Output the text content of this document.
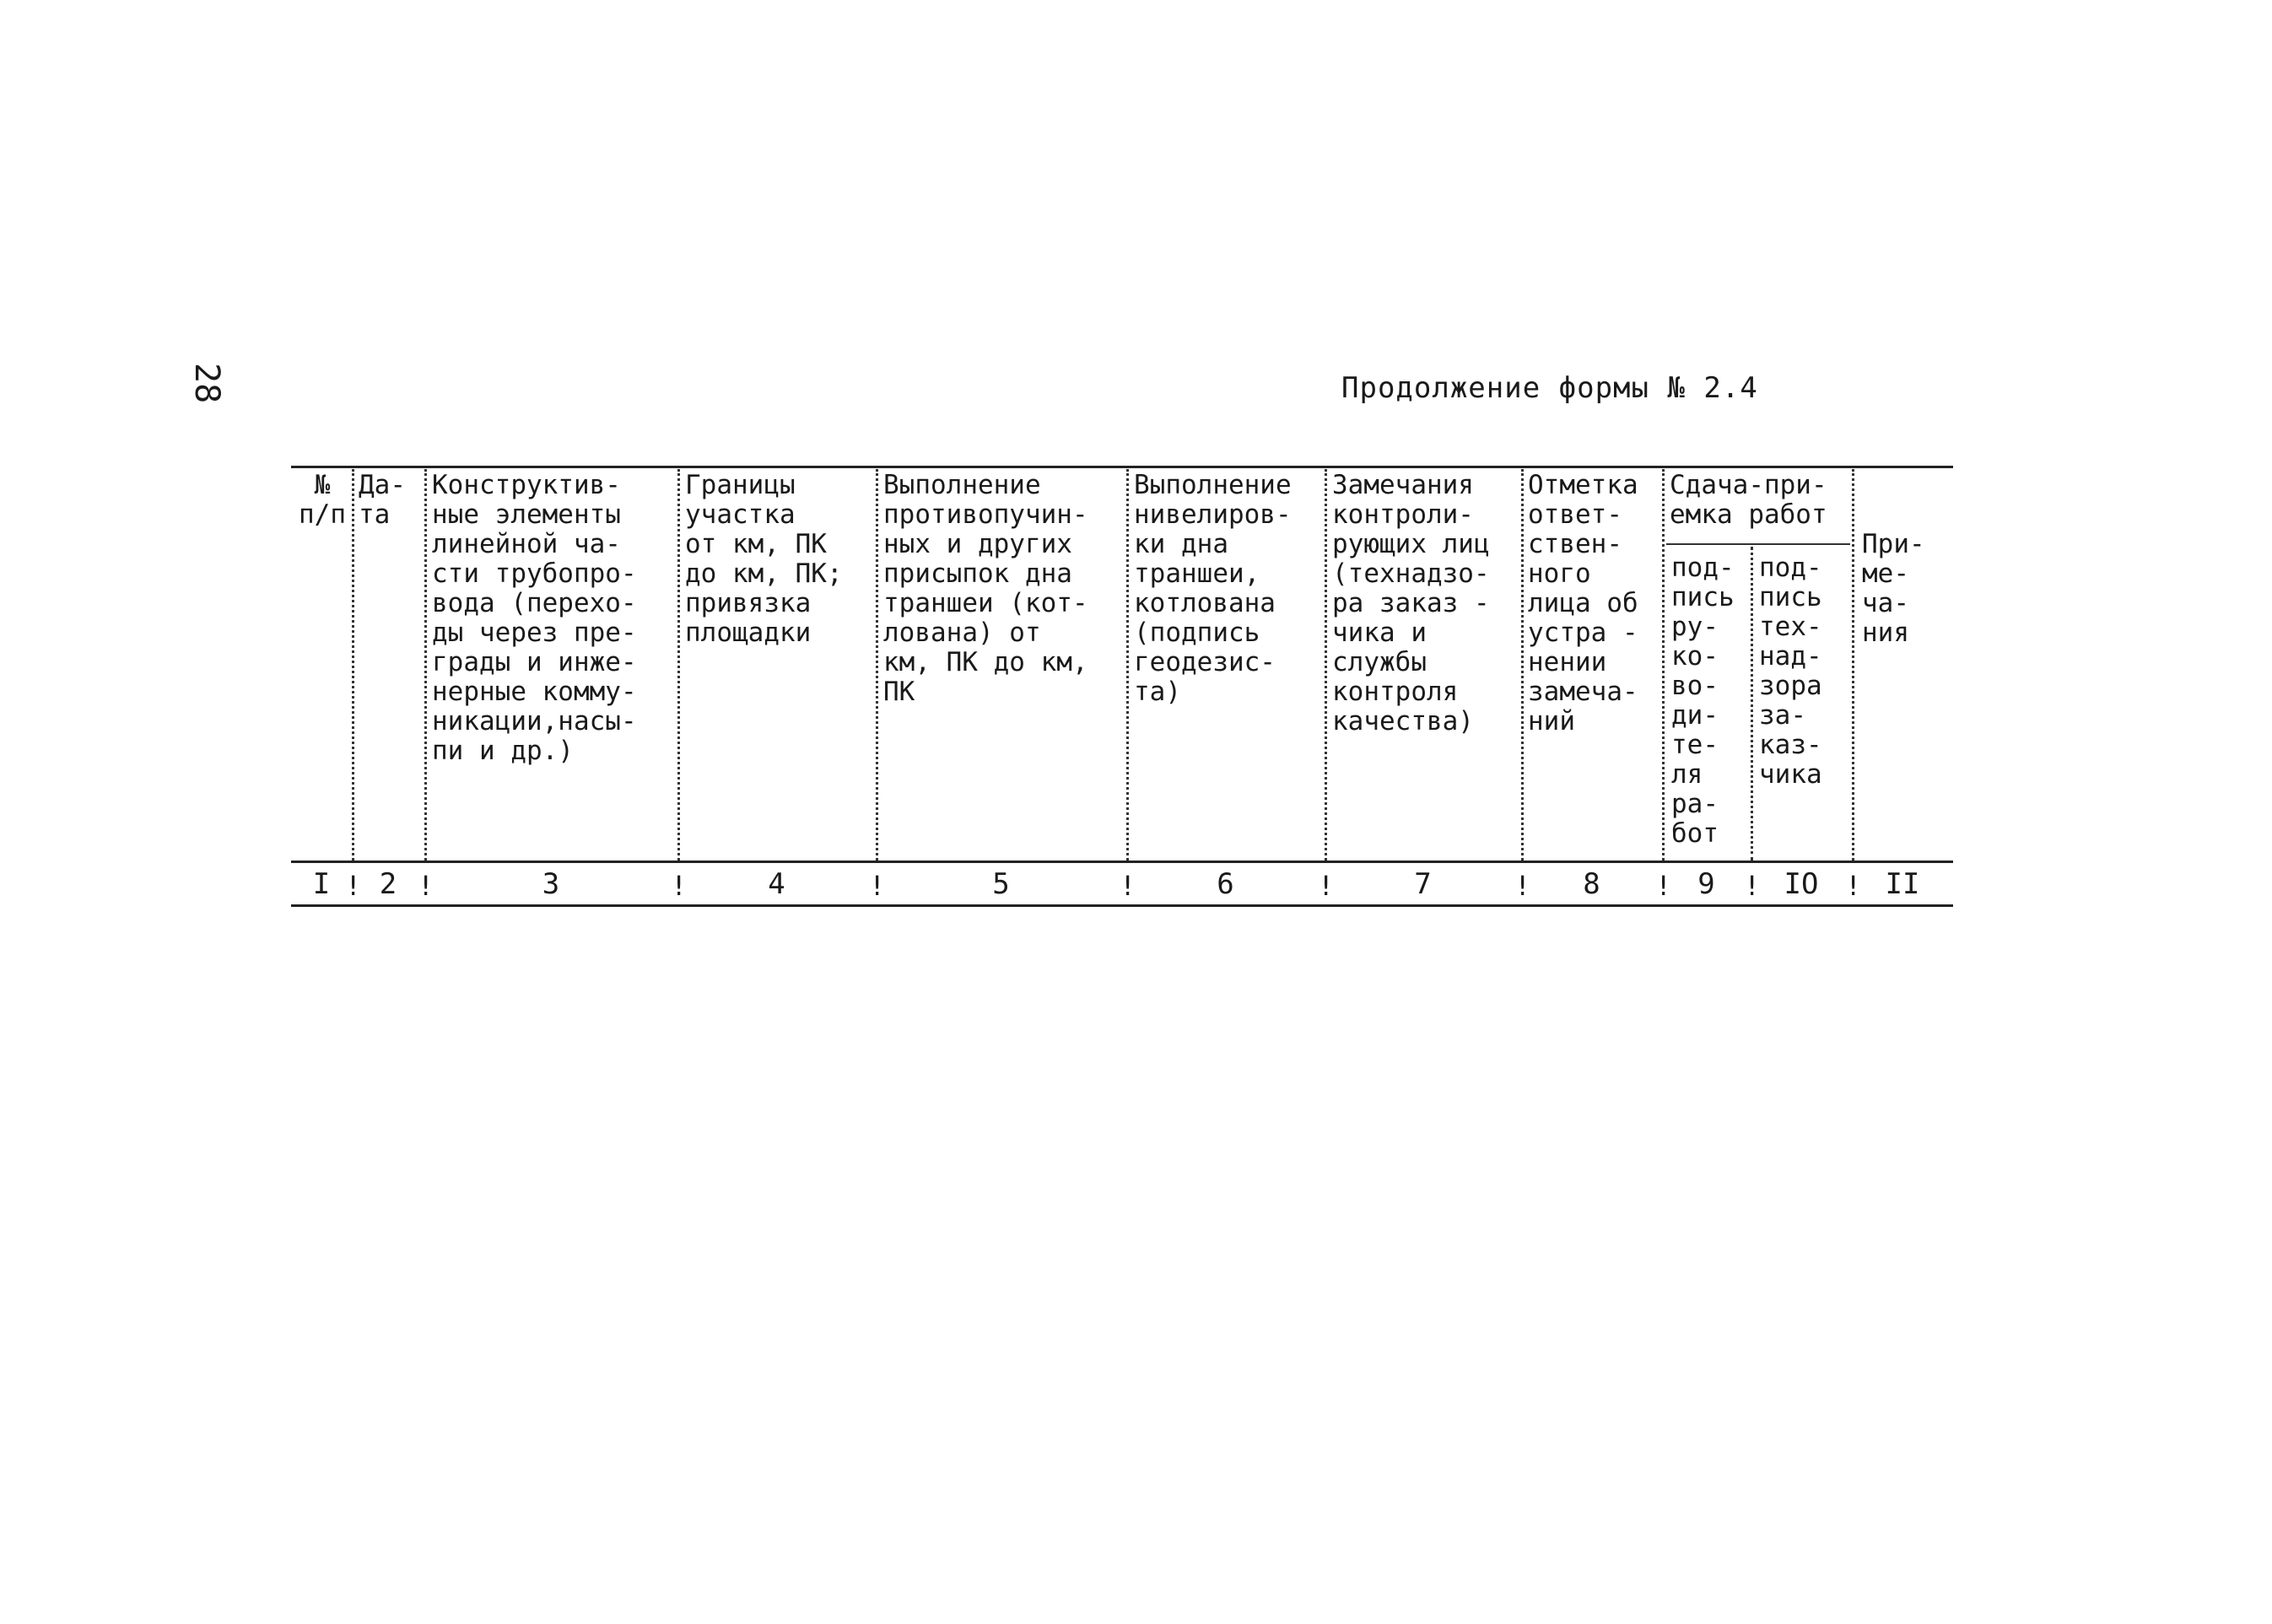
28	Продолжение формы № 2.4

№
п/п

Да-
та

Конструктив-
ные элементы
линейной ча-
сти трубопро-
вода (перехо-
ды через пре-
грады и инже-
нерные комму-
никации,насы-
пи и др.)

Границы
участка
от км, ПК
до км, ПК;
привязка
площадки

Выполнение
противопучин-
ных и других
присыпок дна
траншеи (кот-
лована) от
км, ПК до км,
ПК

Выполнение
нивелиров-
ки дна
траншеи,
котлована
(подпись
геодезис-
та)

Замечания
контроли-
рующих лиц
(технадзо-
ра заказ -
чика и
службы
контроля
качества)

Отметка
ответ-
ствен-
ного
лица об
устра -
нении
замеча-
ний

Сдача-при-
емка работ

под-
пись
ру-
ко-
во-
ди-
те-
ля
ра-
бот

под-
пись
тех-
над-
зора
за-
каз-
чика

При-
ме-
ча-
ния

I ! 2 !	3	!	4	!	5	!	6	!	7	!	8	! 9	! IO ! II
